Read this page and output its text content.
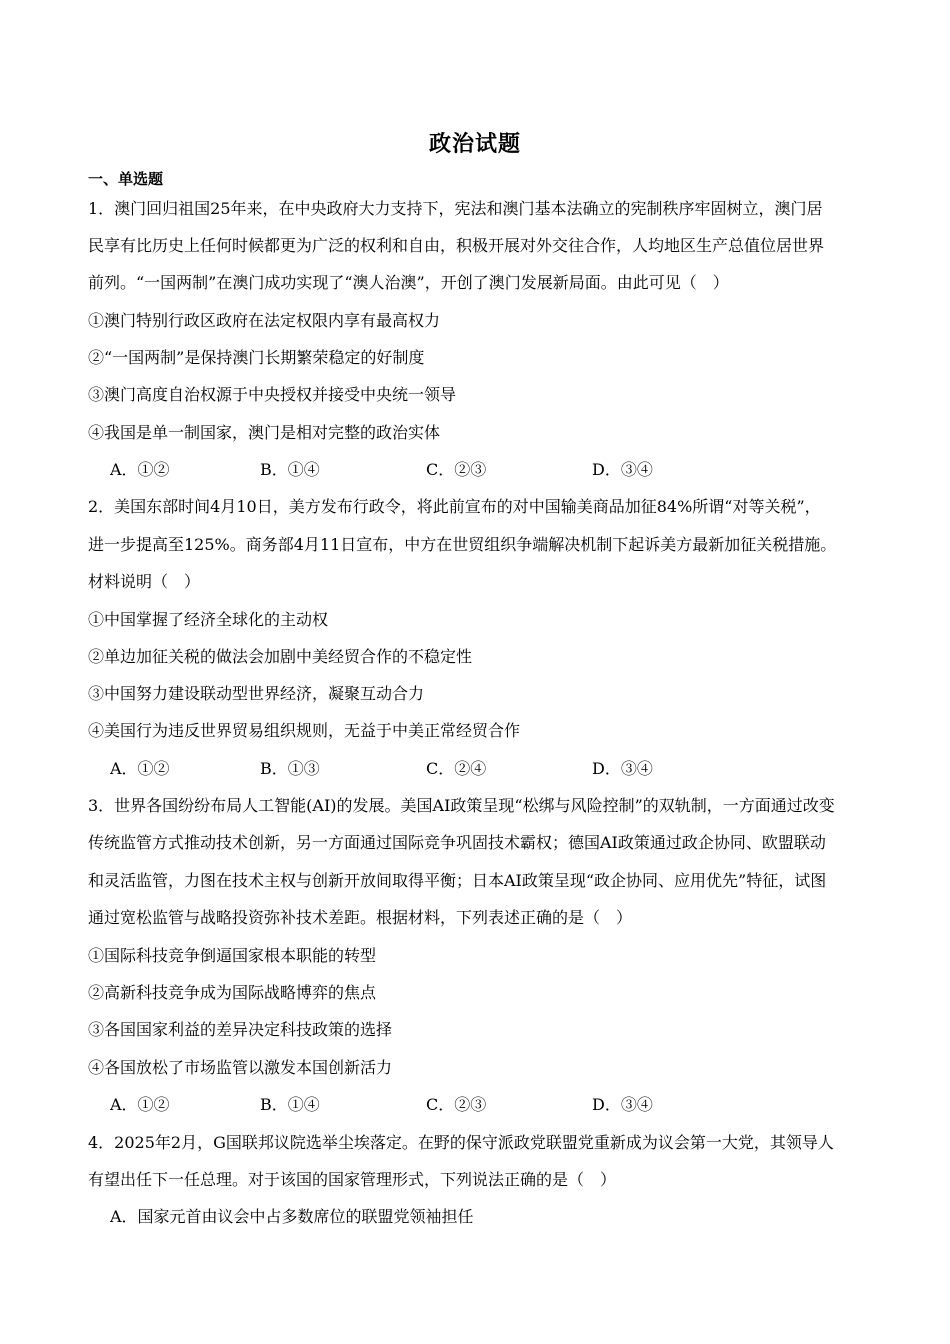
政治试题
一、单选题
1．澳门回归祖国25年来，在中央政府大力支持下，宪法和澳门基本法确立的宪制秩序牢固树立，澳门居
民享有比历史上任何时候都更为广泛的权利和自由，积极开展对外交往合作，人均地区生产总值位居世界
前列。“一国两制”在澳门成功实现了“澳人治澳”，开创了澳门发展新局面。由此可见（　）
①澳门特别行政区政府在法定权限内享有最高权力
②“一国两制”是保持澳门长期繁荣稳定的好制度
③澳门高度自治权源于中央授权并接受中央统一领导
④我国是单一制国家，澳门是相对完整的政治实体
A．①②	B．①④	C．②③	D．③④
2．美国东部时间4月10日，美方发布行政令，将此前宣布的对中国输美商品加征84%所谓“对等关税”，
进一步提高至125%。商务部4月11日宣布，中方在世贸组织争端解决机制下起诉美方最新加征关税措施。
材料说明（　）
①中国掌握了经济全球化的主动权
②单边加征关税的做法会加剧中美经贸合作的不稳定性
③中国努力建设联动型世界经济，凝聚互动合力
④美国行为违反世界贸易组织规则，无益于中美正常经贸合作
A．①②	B．①③	C．②④	D．③④
3．世界各国纷纷布局人工智能(AI)的发展。美国AI政策呈现“松绑与风险控制”的双轨制，一方面通过改变
传统监管方式推动技术创新，另一方面通过国际竞争巩固技术霸权；德国AI政策通过政企协同、欧盟联动
和灵活监管，力图在技术主权与创新开放间取得平衡；日本AI政策呈现“政企协同、应用优先”特征，试图
通过宽松监管与战略投资弥补技术差距。根据材料，下列表述正确的是（　）
①国际科技竞争倒逼国家根本职能的转型
②高新科技竞争成为国际战略博弈的焦点
③各国国家利益的差异决定科技政策的选择
④各国放松了市场监管以激发本国创新活力
A．①②	B．①④	C．②③	D．③④
4．2025年2月，G国联邦议院选举尘埃落定。在野的保守派政党联盟党重新成为议会第一大党，其领导人
有望出任下一任总理。对于该国的国家管理形式，下列说法正确的是（　）
A．国家元首由议会中占多数席位的联盟党领袖担任
